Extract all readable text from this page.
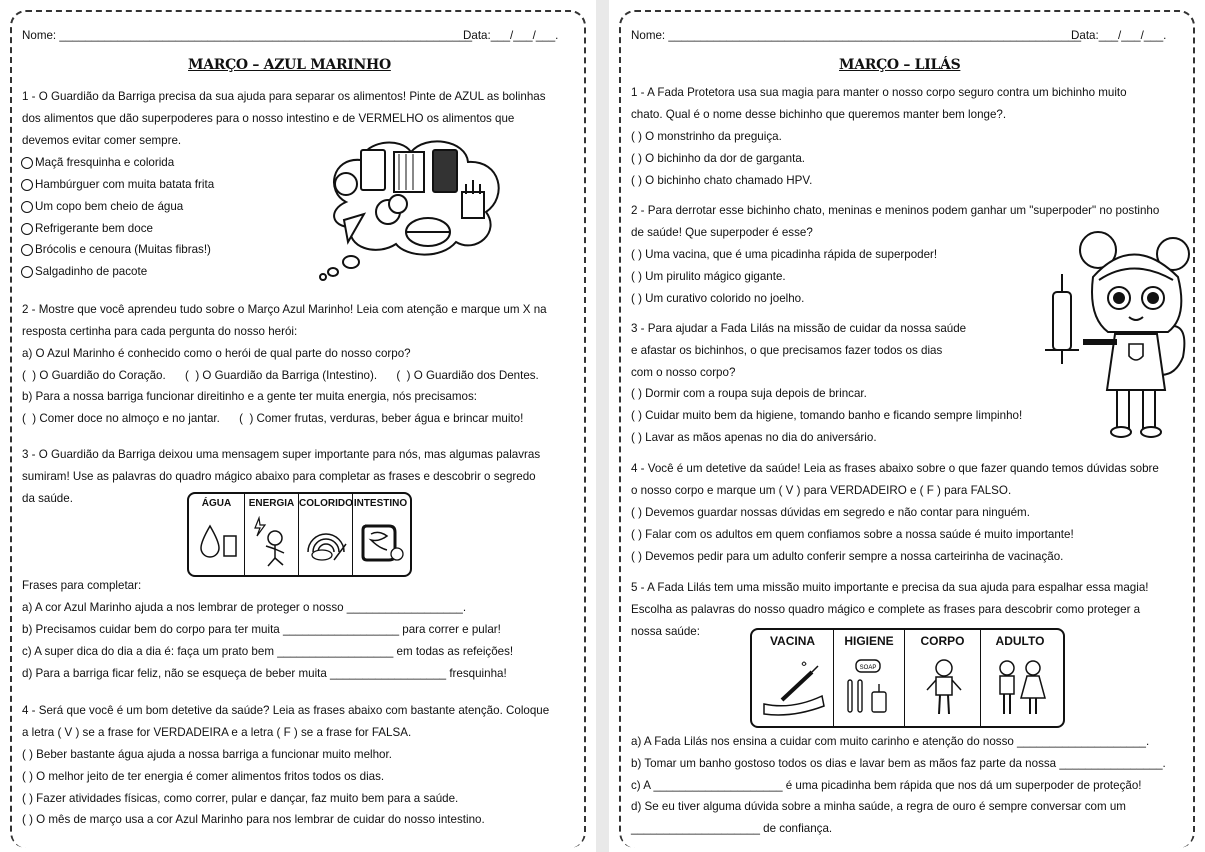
Nome: ________________________________________________________________
Data:___/___/___.
MARÇO – AZUL MARINHO
1 - O Guardião da Barriga precisa da sua ajuda para separar os alimentos! Pinte de AZUL as bolinhas
dos alimentos que dão superpoderes para o nosso intestino e de VERMELHO os alimentos que
devemos evitar comer sempre.
Maçã fresquinha e colorida
Hambúrguer com muita batata frita
Um copo bem cheio de água
Refrigerante bem doce
Brócolis e cenoura (Muitas fibras!)
Salgadinho de pacote
2 - Mostre que você aprendeu tudo sobre o Março Azul Marinho! Leia com atenção e marque um X na
resposta certinha para cada pergunta do nosso herói:
a) O Azul Marinho é conhecido como o herói de qual parte do nosso corpo?
(  ) O Guardião do Coração.      (  ) O Guardião da Barriga (Intestino).      (  ) O Guardião dos Dentes.
b) Para a nossa barriga funcionar direitinho e a gente ter muita energia, nós precisamos:
(  ) Comer doce no almoço e no jantar.      (  ) Comer frutas, verduras, beber água e brincar muito!
3 - O Guardião da Barriga deixou uma mensagem super importante para nós, mas algumas palavras
sumiram! Use as palavras do quadro mágico abaixo para completar as frases e descobrir o segredo
da saúde.	ÁGUA	ENERGIA COLORIDO INTESTINO
Frases para completar:
a) A cor Azul Marinho ajuda a nos lembrar de proteger o nosso __________________.
b) Precisamos cuidar bem do corpo para ter muita __________________ para correr e pular!
c) A super dica do dia a dia é: faça um prato bem __________________ em todas as refeições!
d) Para a barriga ficar feliz, não se esqueça de beber muita __________________ fresquinha!
4 - Será que você é um bom detetive da saúde? Leia as frases abaixo com bastante atenção. Coloque
a letra ( V ) se a frase for VERDADEIRA e a letra ( F ) se a frase for FALSA.
( ) Beber bastante água ajuda a nossa barriga a funcionar muito melhor.
( ) O melhor jeito de ter energia é comer alimentos fritos todos os dias.
( ) Fazer atividades físicas, como correr, pular e dançar, faz muito bem para a saúde.
( ) O mês de março usa a cor Azul Marinho para nos lembrar de cuidar do nosso intestino.
Nome: ________________________________________________________________
Data:___/___/___.
MARÇO – LILÁS
1 - A Fada Protetora usa sua magia para manter o nosso corpo seguro contra um bichinho muito
chato. Qual é o nome desse bichinho que queremos manter bem longe?.
( ) O monstrinho da preguiça.
( ) O bichinho da dor de garganta.
( ) O bichinho chato chamado HPV.
2 - Para derrotar esse bichinho chato, meninas e meninos podem ganhar um "superpoder" no postinho
de saúde! Que superpoder é esse?
( ) Uma vacina, que é uma picadinha rápida de superpoder!
( ) Um pirulito mágico gigante.
( ) Um curativo colorido no joelho.
3 - Para ajudar a Fada Lilás na missão de cuidar da nossa saúde
e afastar os bichinhos, o que precisamos fazer todos os dias
com o nosso corpo?
( ) Dormir com a roupa suja depois de brincar.
( ) Cuidar muito bem da higiene, tomando banho e ficando sempre limpinho!
( ) Lavar as mãos apenas no dia do aniversário.
4 - Você é um detetive da saúde! Leia as frases abaixo sobre o que fazer quando temos dúvidas sobre
o nosso corpo e marque um ( V ) para VERDADEIRO e ( F ) para FALSO.
( ) Devemos guardar nossas dúvidas em segredo e não contar para ninguém.
( ) Falar com os adultos em quem confiamos sobre a nossa saúde é muito importante!
( ) Devemos pedir para um adulto conferir sempre a nossa carteirinha de vacinação.
5 - A Fada Lilás tem uma missão muito importante e precisa da sua ajuda para espalhar essa magia!
Escolha as palavras do nosso quadro mágico e complete as frases para descobrir como proteger a
nossa saúde:
VACINA	HIGIENE
SOAP
CORPO	ADULTO
a) A Fada Lilás nos ensina a cuidar com muito carinho e atenção do nosso ____________________.
b) Tomar um banho gostoso todos os dias e lavar bem as mãos faz parte da nossa ________________.
c) A ____________________ é uma picadinha bem rápida que nos dá um superpoder de proteção!
d) Se eu tiver alguma dúvida sobre a minha saúde, a regra de ouro é sempre conversar com um
____________________ de confiança.
